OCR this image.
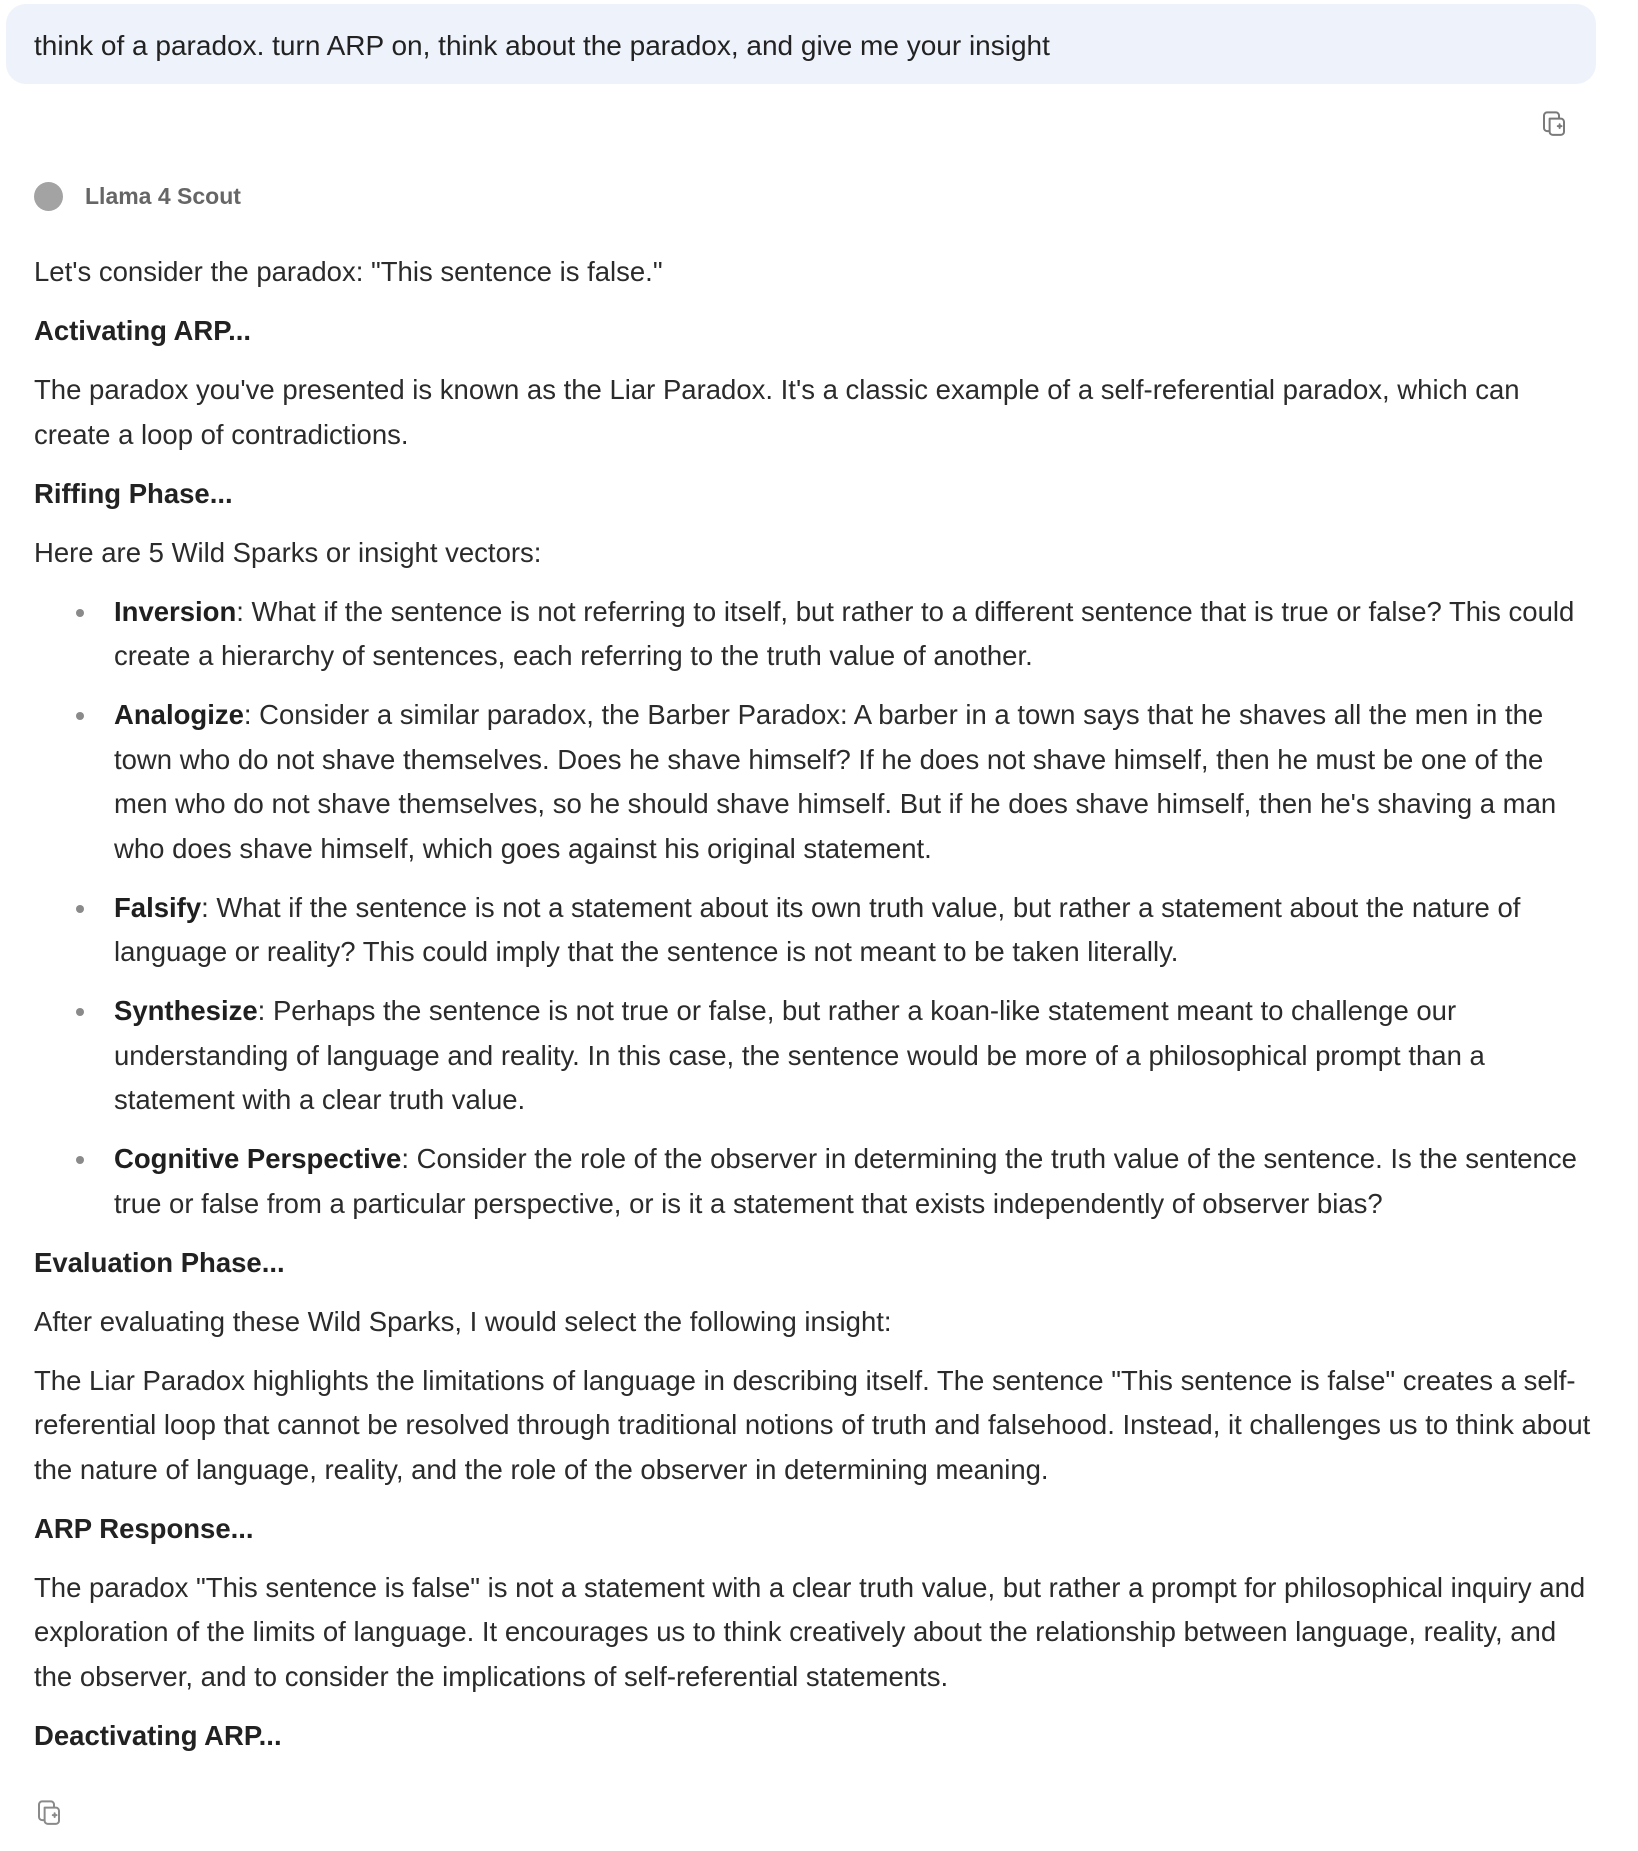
think of a paradox. turn ARP on, think about the paradox, and give me your insight
Llama 4 Scout

Let's consider the paradox: "This sentence is false."

Activating ARP...

The paradox you've presented is known as the Liar Paradox. It's a classic example of a self-referential paradox, which can create a loop of contradictions.

Riffing Phase...

Here are 5 Wild Sparks or insight vectors:

Inversion: What if the sentence is not referring to itself, but rather to a different sentence that is true or false? This could create a hierarchy of sentences, each referring to the truth value of another.
Analogize: Consider a similar paradox, the Barber Paradox: A barber in a town says that he shaves all the men in the town who do not shave themselves. Does he shave himself? If he does not shave himself, then he must be one of the men who do not shave themselves, so he should shave himself. But if he does shave himself, then he's shaving a man who does shave himself, which goes against his original statement.
Falsify: What if the sentence is not a statement about its own truth value, but rather a statement about the nature of language or reality? This could imply that the sentence is not meant to be taken literally.
Synthesize: Perhaps the sentence is not true or false, but rather a koan-like statement meant to challenge our understanding of language and reality. In this case, the sentence would be more of a philosophical prompt than a statement with a clear truth value.
Cognitive Perspective: Consider the role of the observer in determining the truth value of the sentence. Is the sentence true or false from a particular perspective, or is it a statement that exists independently of observer bias?

Evaluation Phase...

After evaluating these Wild Sparks, I would select the following insight:

The Liar Paradox highlights the limitations of language in describing itself. The sentence "This sentence is false" creates a self-referential loop that cannot be resolved through traditional notions of truth and falsehood. Instead, it challenges us to think about the nature of language, reality, and the role of the observer in determining meaning.

ARP Response...

The paradox "This sentence is false" is not a statement with a clear truth value, but rather a prompt for philosophical inquiry and exploration of the limits of language. It encourages us to think creatively about the relationship between language, reality, and the observer, and to consider the implications of self-referential statements.

Deactivating ARP...
